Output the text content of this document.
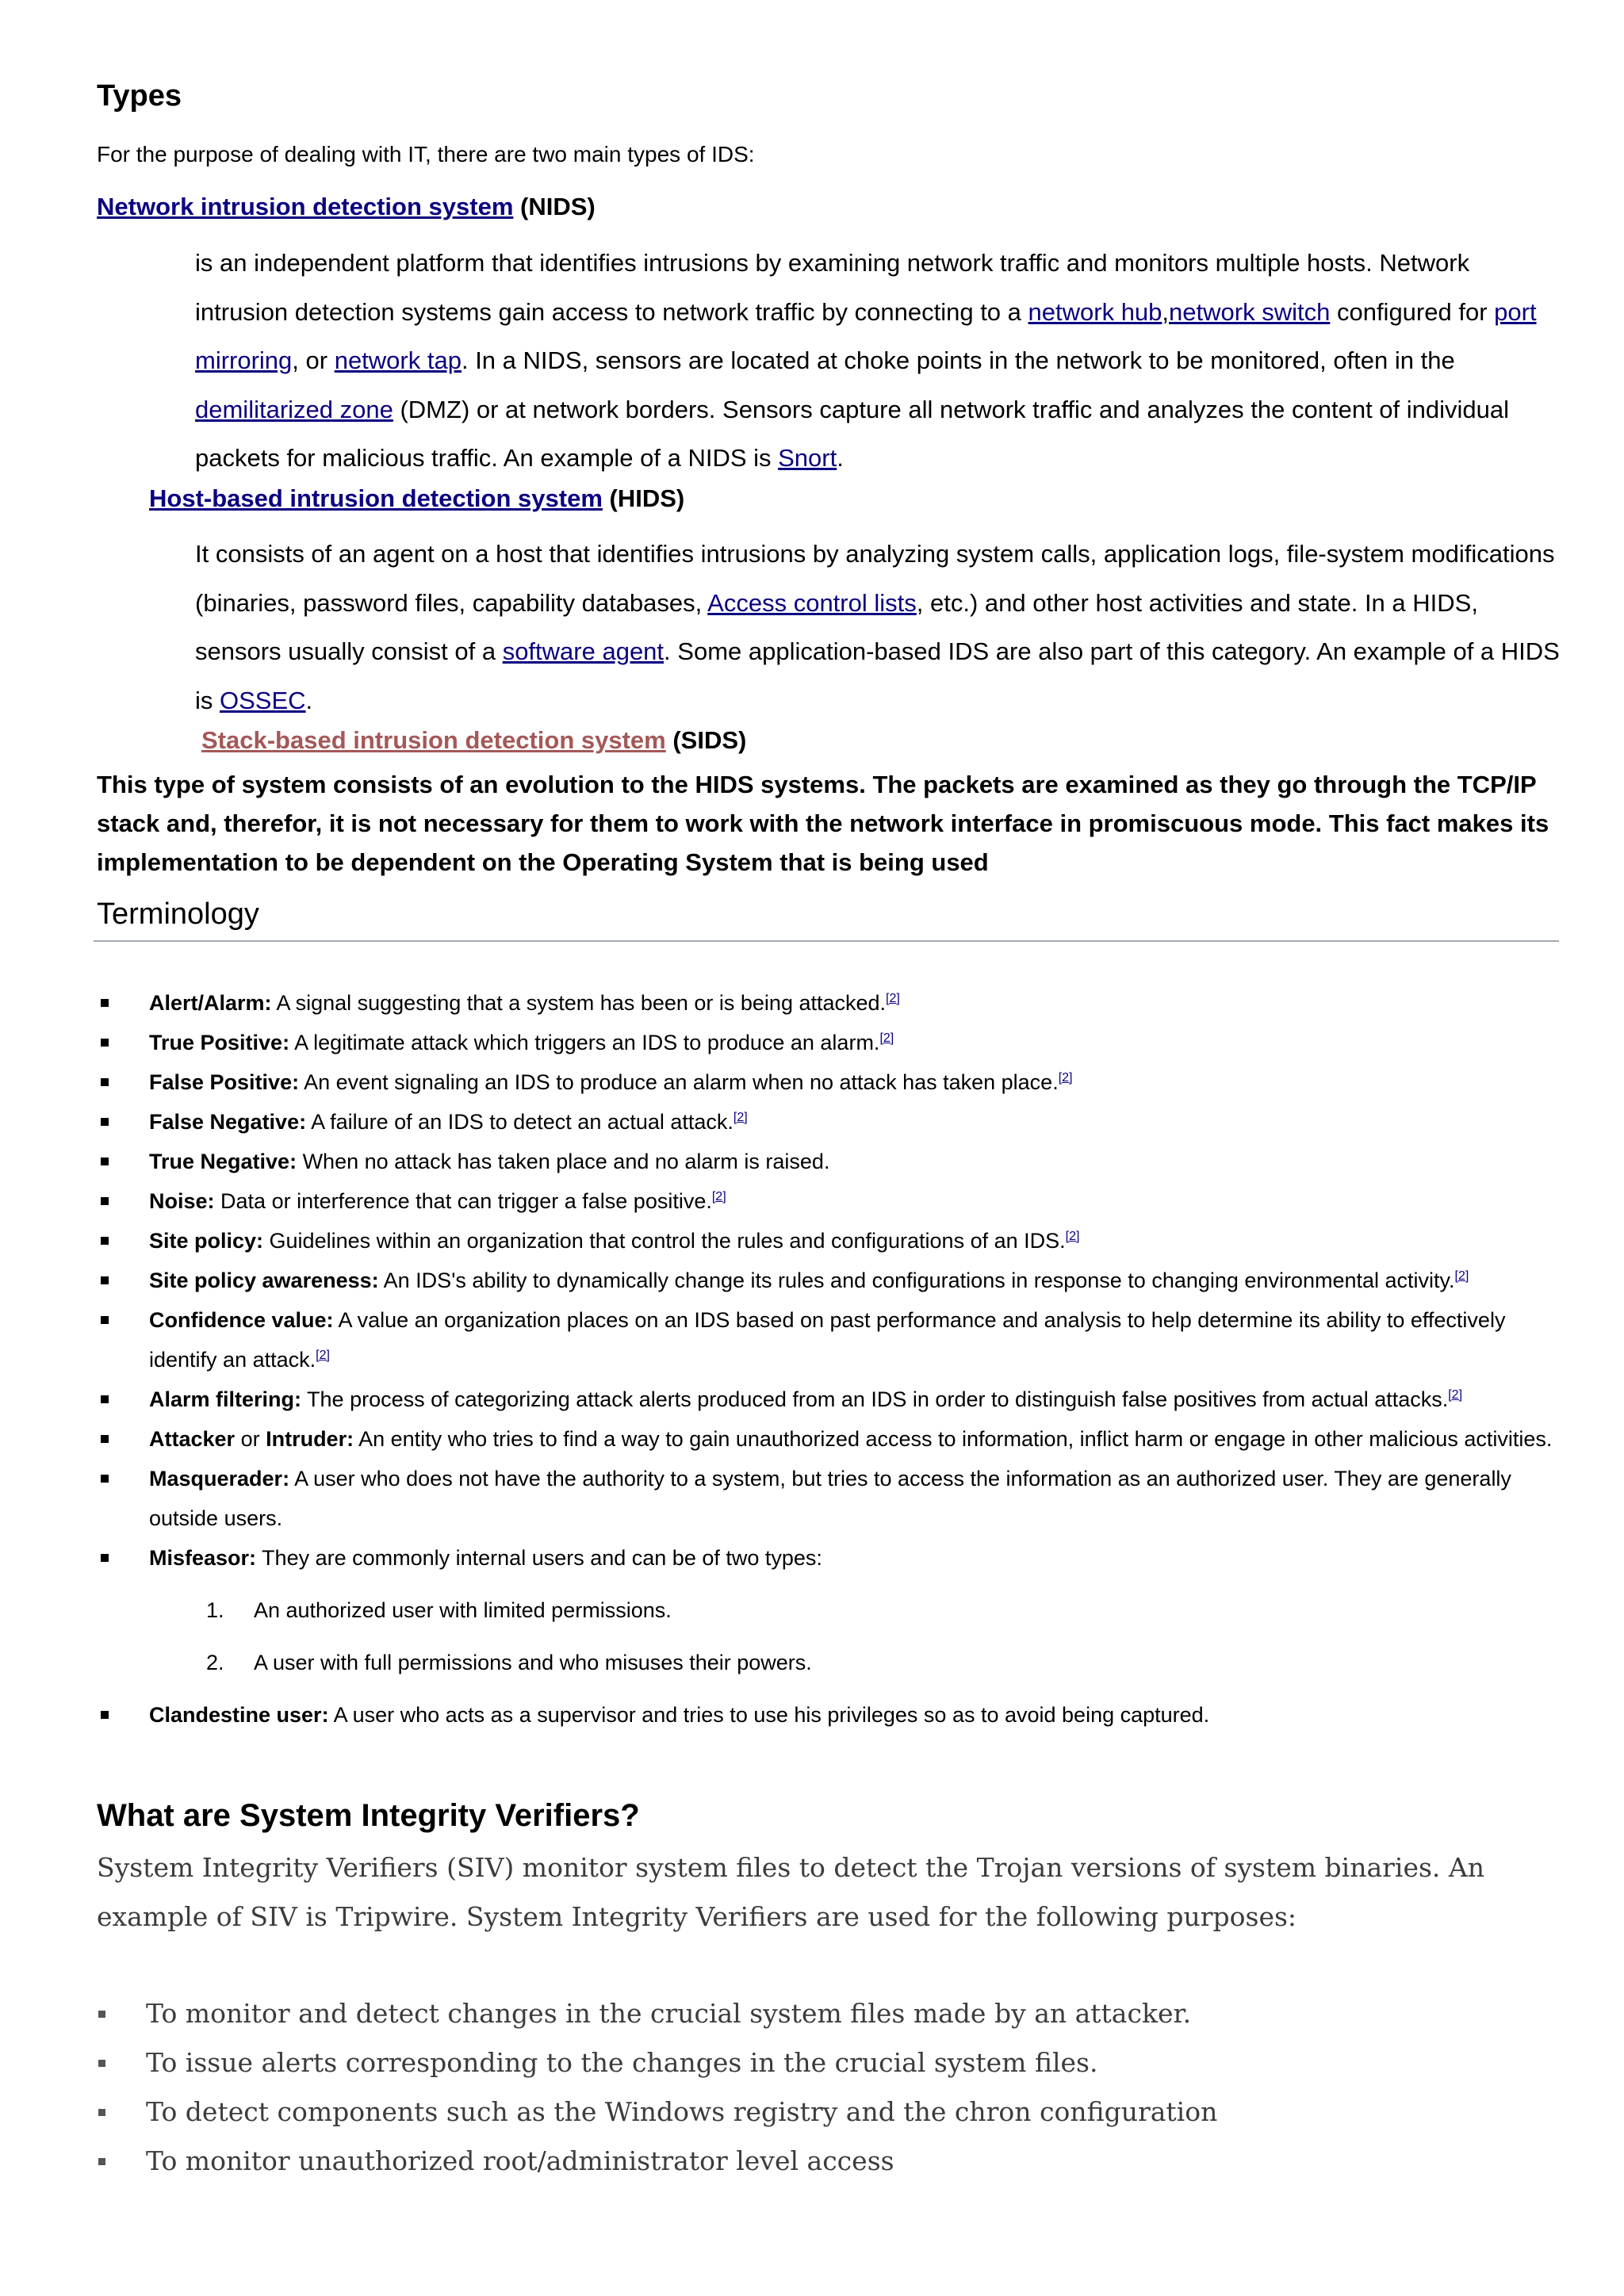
Types
For the purpose of dealing with IT, there are two main types of IDS:
Network intrusion detection system (NIDS)
is an independent platform that identifies intrusions by examining network traffic and monitors multiple hosts. Network intrusion detection systems gain access to network traffic by connecting to a network hub,network switch configured for port mirroring, or network tap. In a NIDS, sensors are located at choke points in the network to be monitored, often in the demilitarized zone (DMZ) or at network borders. Sensors capture all network traffic and analyzes the content of individual packets for malicious traffic. An example of a NIDS is Snort.
Host-based intrusion detection system (HIDS)
It consists of an agent on a host that identifies intrusions by analyzing system calls, application logs, file-system modifications (binaries, password files, capability databases, Access control lists, etc.) and other host activities and state. In a HIDS, sensors usually consist of a software agent. Some application-based IDS are also part of this category. An example of a HIDS is OSSEC.
Stack-based intrusion detection system (SIDS)
This type of system consists of an evolution to the HIDS systems. The packets are examined as they go through the TCP/IP stack and, therefor, it is not necessary for them to work with the network interface in promiscuous mode. This fact makes its implementation to be dependent on the Operating System that is being used
Terminology
Alert/Alarm: A signal suggesting that a system has been or is being attacked.[2]
True Positive: A legitimate attack which triggers an IDS to produce an alarm.[2]
False Positive: An event signaling an IDS to produce an alarm when no attack has taken place.[2]
False Negative: A failure of an IDS to detect an actual attack.[2]
True Negative: When no attack has taken place and no alarm is raised.
Noise: Data or interference that can trigger a false positive.[2]
Site policy: Guidelines within an organization that control the rules and configurations of an IDS.[2]
Site policy awareness: An IDS's ability to dynamically change its rules and configurations in response to changing environmental activity.[2]
Confidence value: A value an organization places on an IDS based on past performance and analysis to help determine its ability to effectively identify an attack.[2]
Alarm filtering: The process of categorizing attack alerts produced from an IDS in order to distinguish false positives from actual attacks.[2]
Attacker or Intruder: An entity who tries to find a way to gain unauthorized access to information, inflict harm or engage in other malicious activities.
Masquerader: A user who does not have the authority to a system, but tries to access the information as an authorized user. They are generally outside users.
Misfeasor: They are commonly internal users and can be of two types:
1. An authorized user with limited permissions.
2. A user with full permissions and who misuses their powers.
Clandestine user: A user who acts as a supervisor and tries to use his privileges so as to avoid being captured.
What are System Integrity Verifiers?
System Integrity Verifiers (SIV) monitor system files to detect the Trojan versions of system binaries. An example of SIV is Tripwire. System Integrity Verifiers are used for the following purposes:
To monitor and detect changes in the crucial system files made by an attacker.
To issue alerts corresponding to the changes in the crucial system files.
To detect components such as the Windows registry and the chron configuration
To monitor unauthorized root/administrator level access
